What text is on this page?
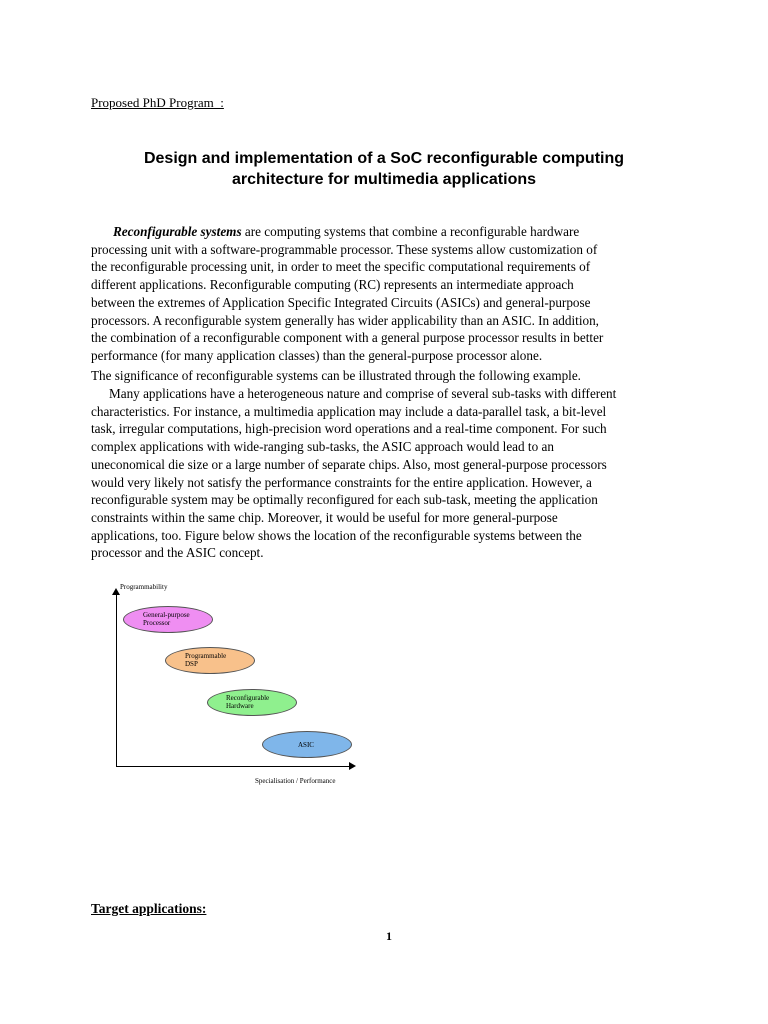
Proposed PhD Program  :
Design and implementation of a SoC reconfigurable computing
architecture for multimedia applications
Reconfigurable systems are computing systems that combine a reconfigurable hardware
processing unit with a software-programmable processor. These systems allow customization of
the reconfigurable processing unit, in order to meet the specific computational requirements of
different applications. Reconfigurable computing (RC) represents an intermediate approach
between the extremes of Application Specific Integrated Circuits (ASICs) and general-purpose
processors. A reconfigurable system generally has wider applicability than an ASIC. In addition,
the combination of a reconfigurable component with a general purpose processor results in better
performance (for many application classes) than the general-purpose processor alone.
The significance of reconfigurable systems can be illustrated through the following example.
Many applications have a heterogeneous nature and comprise of several sub-tasks with different
characteristics. For instance, a multimedia application may include a data-parallel task, a bit-level
task, irregular computations, high-precision word operations and a real-time component. For such
complex applications with wide-ranging sub-tasks, the ASIC approach would lead to an
uneconomical die size or a large number of separate chips. Also, most general-purpose processors
would very likely not satisfy the performance constraints for the entire application. However, a
reconfigurable system may be optimally reconfigured for each sub-task, meeting the application
constraints within the same chip. Moreover, it would be useful for more general-purpose
applications, too. Figure below shows the location of the reconfigurable systems between the
processor and the ASIC concept.
Programmability
Specialisation / Performance
General-purpose
Processor
Programmable
DSP
Reconfigurable
Hardware
ASIC
Target applications:
1
